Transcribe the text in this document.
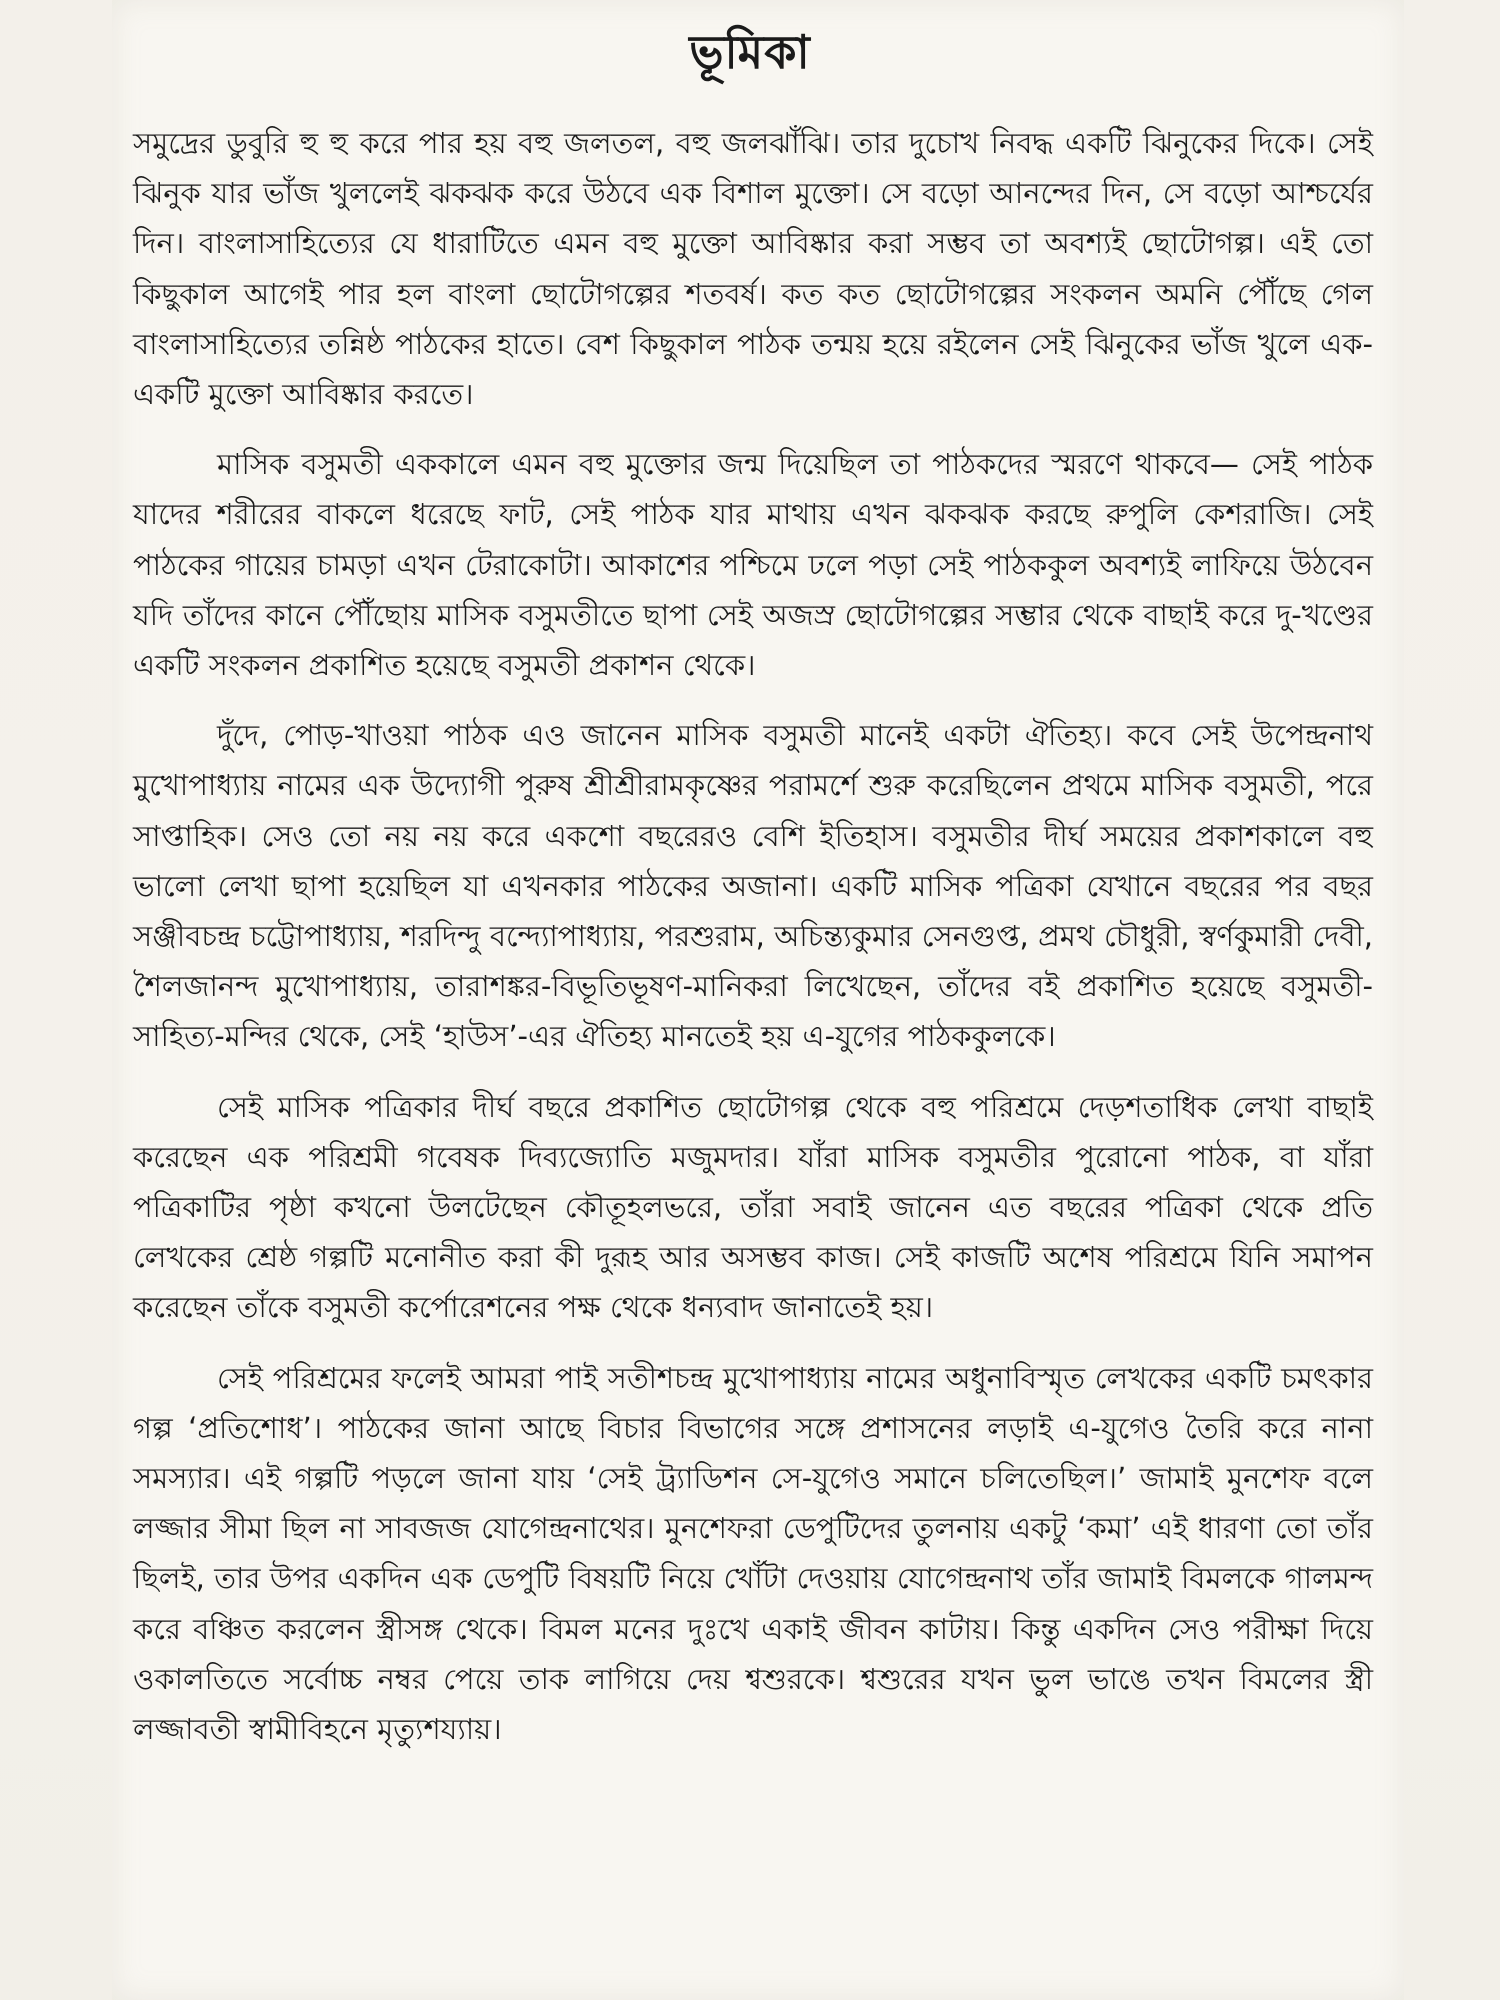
ভূমিকা

সমুদ্রের ডুবুরি হু হু করে পার হয় বহু জলতল, বহু জলঝাঁঝি। তার দুচোখ নিবদ্ধ একটি ঝিনুকের দিকে। সেই ঝিনুক যার ভাঁজ খুললেই ঝকঝক করে উঠবে এক বিশাল মুক্তো। সে বড়ো আনন্দের দিন, সে বড়ো আশ্চর্যের দিন। বাংলাসাহিত্যের যে ধারাটিতে এমন বহু মুক্তো আবিষ্কার করা সম্ভব তা অবশ্যই ছোটোগল্প। এই তো কিছুকাল আগেই পার হল বাংলা ছোটোগল্পের শতবর্ষ। কত কত ছোটোগল্পের সংকলন অমনি পৌঁছে গেল বাংলাসাহিত্যের তন্নিষ্ঠ পাঠকের হাতে। বেশ কিছুকাল পাঠক তন্ময় হয়ে রইলেন সেই ঝিনুকের ভাঁজ খুলে এক-একটি মুক্তো আবিষ্কার করতে।

মাসিক বসুমতী এককালে এমন বহু মুক্তোর জন্ম দিয়েছিল তা পাঠকদের স্মরণে থাকবে— সেই পাঠক যাদের শরীরের বাকলে ধরেছে ফাট, সেই পাঠক যার মাথায় এখন ঝকঝক করছে রুপুলি কেশরাজি। সেই পাঠকের গায়ের চামড়া এখন টেরাকোটা। আকাশের পশ্চিমে ঢলে পড়া সেই পাঠককুল অবশ্যই লাফিয়ে উঠবেন যদি তাঁদের কানে পৌঁছোয় মাসিক বসুমতীতে ছাপা সেই অজস্র ছোটোগল্পের সম্ভার থেকে বাছাই করে দু-খণ্ডের একটি সংকলন প্রকাশিত হয়েছে বসুমতী প্রকাশন থেকে।

দুঁদে, পোড়-খাওয়া পাঠক এও জানেন মাসিক বসুমতী মানেই একটা ঐতিহ্য। কবে সেই উপেন্দ্রনাথ মুখোপাধ্যায় নামের এক উদ্যোগী পুরুষ শ্রীশ্রীরামকৃষ্ণের পরামর্শে শুরু করেছিলেন প্রথমে মাসিক বসুমতী, পরে সাপ্তাহিক। সেও তো নয় নয় করে একশো বছরেরও বেশি ইতিহাস। বসুমতীর দীর্ঘ সময়ের প্রকাশকালে বহু ভালো লেখা ছাপা হয়েছিল যা এখনকার পাঠকের অজানা। একটি মাসিক পত্রিকা যেখানে বছরের পর বছর সঞ্জীবচন্দ্র চট্টোপাধ্যায়, শরদিন্দু বন্দ্যোপাধ্যায়, পরশুরাম, অচিন্ত্যকুমার সেনগুপ্ত, প্রমথ চৌধুরী, স্বর্ণকুমারী দেবী, শৈলজানন্দ মুখোপাধ্যায়, তারাশঙ্কর-বিভূতিভূষণ-মানিকরা লিখেছেন, তাঁদের বই প্রকাশিত হয়েছে বসুমতী-সাহিত্য-মন্দির থেকে, সেই ‘হাউস’-এর ঐতিহ্য মানতেই হয় এ-যুগের পাঠককুলকে।

সেই মাসিক পত্রিকার দীর্ঘ বছরে প্রকাশিত ছোটোগল্প থেকে বহু পরিশ্রমে দেড়শতাধিক লেখা বাছাই করেছেন এক পরিশ্রমী গবেষক দিব্যজ্যোতি মজুমদার। যাঁরা মাসিক বসুমতীর পুরোনো পাঠক, বা যাঁরা পত্রিকাটির পৃষ্ঠা কখনো উলটেছেন কৌতূহলভরে, তাঁরা সবাই জানেন এত বছরের পত্রিকা থেকে প্রতি লেখকের শ্রেষ্ঠ গল্পটি মনোনীত করা কী দুরূহ আর অসম্ভব কাজ। সেই কাজটি অশেষ পরিশ্রমে যিনি সমাপন করেছেন তাঁকে বসুমতী কর্পোরেশনের পক্ষ থেকে ধন্যবাদ জানাতেই হয়।

সেই পরিশ্রমের ফলেই আমরা পাই সতীশচন্দ্র মুখোপাধ্যায় নামের অধুনাবিস্মৃত লেখকের একটি চমৎকার গল্প ‘প্রতিশোধ’। পাঠকের জানা আছে বিচার বিভাগের সঙ্গে প্রশাসনের লড়াই এ-যুগেও তৈরি করে নানা সমস্যার। এই গল্পটি পড়লে জানা যায় ‘সেই ট্র্যাডিশন সে-যুগেও সমানে চলিতেছিল।’ জামাই মুনশেফ বলে লজ্জার সীমা ছিল না সাবজজ যোগেন্দ্রনাথের। মুনশেফরা ডেপুটিদের তুলনায় একটু ‘কমা’ এই ধারণা তো তাঁর ছিলই, তার উপর একদিন এক ডেপুটি বিষয়টি নিয়ে খোঁটা দেওয়ায় যোগেন্দ্রনাথ তাঁর জামাই বিমলকে গালমন্দ করে বঞ্চিত করলেন স্ত্রীসঙ্গ থেকে। বিমল মনের দুঃখে একাই জীবন কাটায়। কিন্তু একদিন সেও পরীক্ষা দিয়ে ওকালতিতে সর্বোচ্চ নম্বর পেয়ে তাক লাগিয়ে দেয় শ্বশুরকে। শ্বশুরের যখন ভুল ভাঙে তখন বিমলের স্ত্রী লজ্জাবতী স্বামীবিহনে মৃত্যুশয্যায়।
